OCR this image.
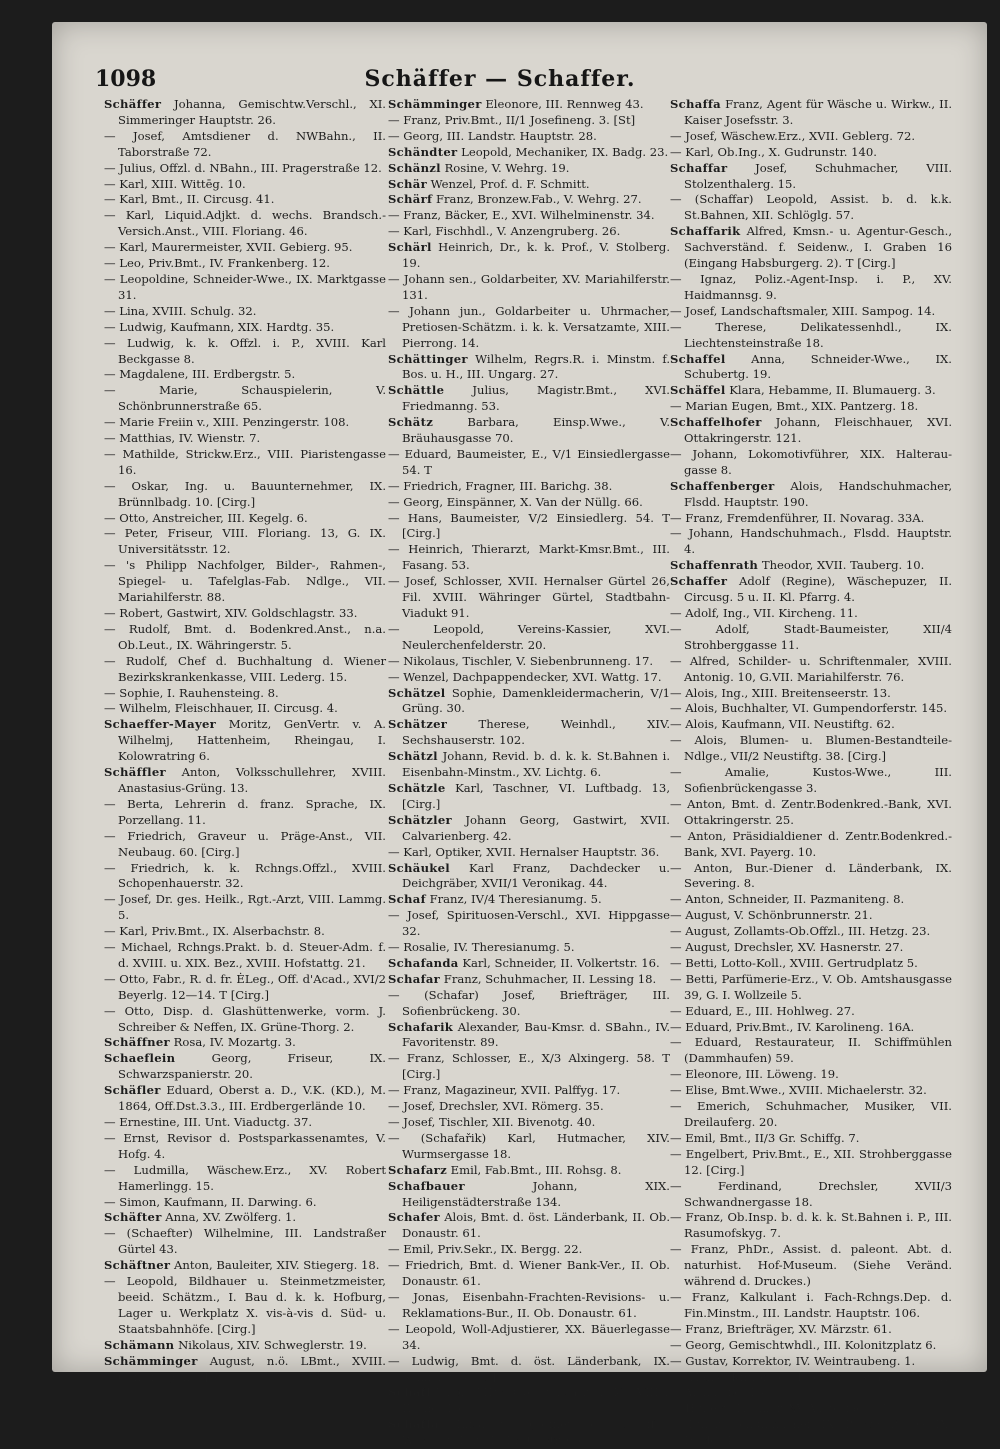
1098	Schäffer — Schaffer.
Schäffer Johanna, Gemischtw.Verschl., XI. Simmeringer Hauptstr. 26.
— Josef, Amtsdiener d. NWBahn., II. Taborstraße 72.
— Julius, Offzl. d. NBahn., III. Pragerstraße 12.
— Karl, XIII. Wittēg. 10.
— Karl, Bmt., II. Circusg. 41.
— Karl, Liquid.Adjkt. d. wechs. Brandsch.-Versich.Anst., VIII. Floriang. 46.
— Karl, Maurermeister, XVII. Gebierg. 95.
— Leo, Priv.Bmt., IV. Frankenberg. 12.
— Leopoldine, Schneider-Wwe., IX. Marktgasse 31.
— Lina, XVIII. Schulg. 32.
— Ludwig, Kaufmann, XIX. Hardtg. 35.
— Ludwig, k. k. Offzl. i. P., XVIII. Karl Beckgasse 8.
— Magdalene, III. Erdbergstr. 5.
— Marie, Schauspielerin, V. Schönbrunnerstraße 65.
— Marie Freiin v., XIII. Penzingerstr. 108.
— Matthias, IV. Wienstr. 7.
— Mathilde, Strickw.Erz., VIII. Piaristengasse 16.
— Oskar, Ing. u. Bauunternehmer, IX. Brünnlbadg. 10. [Cirg.]
— Otto, Anstreicher, III. Kegelg. 6.
— Peter, Friseur, VIII. Floriang. 13, G. IX. Universitätsstr. 12.
— 's Philipp Nachfolger, Bilder-, Rahmen-, Spiegel- u. Tafelglas-Fab. Ndlge., VII. Mariahilferstr. 88.
— Robert, Gastwirt, XIV. Goldschlagstr. 33.
— Rudolf, Bmt. d. Bodenkred.Anst., n.a. Ob.Leut., IX. Währingerstr. 5.
— Rudolf, Chef d. Buchhaltung d. Wiener Bezirkskrankenkasse, VIII. Lederg. 15.
— Sophie, I. Rauhensteing. 8.
— Wilhelm, Fleischhauer, II. Circusg. 4.
Schaeffer-Mayer Moritz, GenVertr. v. A. Wilhelmj, Hattenheim, Rheingau, I. Kolowratring 6.
Schäffler Anton, Volksschullehrer, XVIII. Anastasius-Grüng. 13.
— Berta, Lehrerin d. franz. Sprache, IX. Porzellang. 11.
— Friedrich, Graveur u. Präge-Anst., VII. Neubaug. 60. [Cirg.]
— Friedrich, k. k. Rchngs.Offzl., XVIII. Schopenhauerstr. 32.
— Josef, Dr. ges. Heilk., Rgt.-Arzt, VIII. Lammg. 5.
— Karl, Priv.Bmt., IX. Alserbachstr. 8.
— Michael, Rchngs.Prakt. b. d. Steuer-Adm. f. d. XVIII. u. XIX. Bez., XVIII. Hofstattg. 21.
— Otto, Fabr., R. d. fr. ĖLeg., Off. d'Acad., XVI/2 Beyerlg. 12—14. T [Cirg.]
— Otto, Disp. d. Glashüttenwerke, vorm. J. Schreiber & Neffen, IX. Grüne-Thorg. 2.
Schäffner Rosa, IV. Mozartg. 3.
Schaeflein	Georg, Friseur, IX. Schwarzspanierstr. 20.
Schäfler Eduard, Oberst a. D., V.K. (KD.), M. 1864, Off.Dst.3.3., III. Erdbergerlände 10.
— Ernestine, III. Unt. Viaductg. 37.
— Ernst, Revisor d. Postsparkassenamtes, V. Hofg. 4.
— Ludmilla, Wäschew.Erz., XV. Robert Hamerlingg. 15.
— Simon, Kaufmann, II. Darwing. 6.
Schäfter Anna, XV. Zwölferg. 1.
— (Schaefter) Wilhelmine, III. Landstraßer Gürtel 43.
Schäftner Anton, Bauleiter, XIV. Stiegerg. 18.
— Leopold, Bildhauer u. Steinmetzmeister, beeid. Schätzm., I. Bau d. k. k. Hofburg, Lager u. Werkplatz X. vis-à-vis d. Süd- u. Staatsbahnhöfe. [Cirg.]
Schämann Nikolaus, XIV. Schweglerstr. 19.
Schämminger August, n.ö. LBmt., XVIII. Canisiusg. 22. [St]
Schämminger Eleonore, III. Rennweg 43.
— Franz, Priv.Bmt., II/1 Josefineng. 3. [St]
— Georg, III. Landstr. Hauptstr. 28.
Schändter Leopold, Mechaniker, IX. Badg. 23.
Schänzl Rosine, V. Wehrg. 19.
Schär Wenzel, Prof. d. F. Schmitt.
Schärf Franz, Bronzew.Fab., V. Wehrg. 27.
— Franz, Bäcker, E., XVI. Wilhelminenstr. 34.
— Karl, Fischhdl., V. Anzengruberg. 26.
Schärl Heinrich, Dr., k. k. Prof., V. Stolberg. 19.
— Johann sen., Goldarbeiter, XV. Mariahilferstr. 131.
— Johann jun., Goldarbeiter u. Uhrmacher, Pretiosen-Schätzm. i. k. k. Versatzamte, XIII. Pierrong. 14.
Schättinger Wilhelm, Regrs.R. i. Minstm. f. Bos. u. H., III. Ungarg. 27.
Schättle Julius, Magistr.Bmt., XVI. Friedmanng. 53.
Schätz	Barbara, Einsp.Wwe., V. Bräuhausgasse 70.
— Eduard, Baumeister, E., V/1 Einsiedlergasse 54. T
— Friedrich, Fragner, III. Barichg. 38.
— Georg, Einspänner, X. Van der Nüllg. 66.
— Hans, Baumeister, V/2 Einsiedlerg. 54. T [Cirg.]
— Heinrich, Thierarzt, Markt-Kmsr.Bmt., III. Fasang. 53.
— Josef, Schlosser, XVII. Hernalser Gürtel 26, Fil. XVIII. Währinger Gürtel, Stadtbahn-Viadukt 91.
— Leopold, Vereins-Kassier, XVI. Neulerchenfelderstr. 20.
— Nikolaus, Tischler, V. Siebenbrunneng. 17.
— Wenzel, Dachpappendecker, XVI. Wattg. 17.
Schätzel Sophie, Damenkleidermacherin, V/1 Grüng. 30.
Schätzer	Therese, Weinhdl., XIV. Sechshauserstr. 102.
Schätzl Johann, Revid. b. d. k. k. St.Bahnen i. Eisenbahn-Minstm., XV. Lichtg. 6.
Schätzle Karl, Taschner, VI. Luftbadg. 13, [Cirg.]
Schätzler Johann Georg, Gastwirt, XVII. Calvarienberg. 42.
— Karl, Optiker, XVII. Hernalser Hauptstr. 36.
Schäukel Karl Franz, Dachdecker u. Deichgräber, XVII/1 Veronikag. 44.
Schaf Franz, IV/4 Theresianumg. 5.
— Josef, Spirituosen-Verschl., XVI. Hippgasse 32.
— Rosalie, IV. Theresianumg. 5.
Schafanda Karl, Schneider, II. Volkertstr. 16.
Schafar Franz, Schuhmacher, II. Lessing 18.
— (Schafar) Josef, Briefträger, III. Sofienbrückeng. 30.
Schafarik Alexander, Bau-Kmsr. d. SBahn., IV. Favoritenstr. 89.
— Franz, Schlosser, E., X/3 Alxingerg. 58. T [Cirg.]
— Franz, Magazineur, XVII. Palffyg. 17.
— Josef, Drechsler, XVI. Römerg. 35.
— Josef, Tischler, XII. Bivenotg. 40.
— (Schafařik) Karl, Hutmacher, XIV. Wurmsergasse 18.
Schafarz Emil, Fab.Bmt., III. Rohsg. 8.
Schafbauer	Johann, XIX. Heiligenstädterstraße 134.
Schafer Alois, Bmt. d. öst. Länderbank, II. Ob. Donaustr. 61.
— Emil, Priv.Sekr., IX. Bergg. 22.
— Friedrich, Bmt. d. Wiener Bank-Ver., II. Ob. Donaustr. 61.
— Jonas, Eisenbahn-Frachten-Revisions- u. Reklamations-Bur., II. Ob. Donaustr. 61.
— Leopold, Woll-Adjustierer, XX. Bäuerlegasse 34.
— Ludwig, Bmt. d. öst. Länderbank, IX. Schlickg. 3. [St]
Schaff Jakob, MDr., Ob.-Stabsarzt 1. Kl., VIII/1 Kochg. 16.
Schaffa Elisabeth (Löffler & Schaffa), Wäschew.Erz., II. Praterstr. 66.
Schaffa Franz, Agent für Wäsche u. Wirkw., II. Kaiser Josefsstr. 3.
— Josef, Wäschew.Erz., XVII. Geblerg. 72.
— Karl, Ob.Ing., X. Gudrunstr. 140.
Schaffar Josef, Schuhmacher, VIII. Stolzenthalerg. 15.
— (Schaffar) Leopold, Assist. b. d. k.k. St.Bahnen, XII. Schlöglg. 57.
Schaffarik Alfred, Kmsn.- u. Agentur-Gesch., Sachverständ. f. Seidenw., I. Graben 16 (Eingang Habsburgerg. 2). T [Cirg.]
— Ignaz, Poliz.-Agent-Insp. i. P., XV. Haidmannsg. 9.
— Josef, Landschaftsmaler, XIII. Sampog. 14.
— Therese, Delikatessenhdl., IX. Liechtensteinstraße 18.
Schaffel Anna, Schneider-Wwe., IX. Schubertg. 19.
Schäffel Klara, Hebamme, II. Blumauerg. 3.
— Marian Eugen, Bmt., XIX. Pantzerg. 18.
Schaffelhofer Johann, Fleischhauer, XVI. Ottakringerstr. 121.
— Johann, Lokomotivführer, XIX. Halterau-gasse 8.
Schaffenberger Alois, Handschuhmacher, Flsdd. Hauptstr. 190.
— Franz, Fremdenführer, II. Novarag. 33A.
— Johann, Handschuhmach., Flsdd. Hauptstr. 4.
Schaffenrath Theodor, XVII. Tauberg. 10.
Schaffer Adolf (Regine), Wäschepuzer, II. Circusg. 5 u. II. Kl. Pfarrg. 4.
— Adolf, Ing., VII. Kircheng. 11.
— Adolf, Stadt-Baumeister, XII/4 Strohberggasse 11.
— Alfred, Schilder- u. Schriftenmaler, XVIII. Antonig. 10, G.VII. Mariahilferstr. 76.
— Alois, Ing., XIII. Breitenseerstr. 13.
— Alois, Buchhalter, VI. Gumpendorferstr. 145.
— Alois, Kaufmann, VII. Neustiftg. 62.
— Alois, Blumen- u. Blumen-Bestandteile-Ndlge., VII/2 Neustiftg. 38. [Cirg.]
— Amalie, Kustos-Wwe., III. Sofienbrückengasse 3.
— Anton, Bmt. d. Zentr.Bodenkred.-Bank, XVI. Ottakringerstr. 25.
— Anton, Präsidialdiener d. Zentr.Bodenkred.-Bank, XVI. Payerg. 10.
— Anton, Bur.-Diener d. Länderbank, IX. Severing. 8.
— Anton, Schneider, II. Pazmaniteng. 8.
— August, V. Schönbrunnerstr. 21.
— August, Zollamts-Ob.Offzl., III. Hetzg. 23.
— August, Drechsler, XV. Hasnerstr. 27.
— Betti, Lotto-Koll., XVIII. Gertrudplatz 5.
— Betti, Parfümerie-Erz., V. Ob. Amtshausgasse 39, G. I. Wollzeile 5.
— Eduard, E., III. Hohlweg. 27.
— Eduard, Priv.Bmt., IV. Karolineng. 16A.
— Eduard, Restaurateur, II. Schiffmühlen (Dammhaufen) 59.
— Eleonore, III. Löweng. 19.
— Elise, Bmt.Wwe., XVIII. Michaelerstr. 32.
— Emerich, Schuhmacher, Musiker, VII. Dreilauferg. 20.
— Emil, Bmt., II/3 Gr. Schiffg. 7.
— Engelbert, Priv.Bmt., E., XII. Strohberggasse 12. [Cirg.]
— Ferdinand, Drechsler, XVII/3 Schwandnergasse 18.
— Franz, Ob.Insp. b. d. k. k. St.Bahnen i. P., III. Rasumofskyg. 7.
— Franz, PhDr., Assist. d. paleont. Abt. d. naturhist. Hof-Museum. (Siehe Veränd. während d. Druckes.)
— Franz, Kalkulant i. Fach-Rchngs.Dep. d. Fin.Minstm., III. Landstr. Hauptstr. 106.
— Franz, Briefträger, XV. Märzstr. 61.
— Georg, Gemischtwhdl., III. Kolonitzplatz 6.
— Gustav, Korrektor, IV. Weintraubeng. 1.
— Hans, Kntlor. d. I. österr. Sparkasse, XII. Aichholzg. 18.
— Hubert, Tischler, XV. Victoriag. 17.
— Ignaz, Schuhmacher, IX. Bergg. 22, G. IX. Hörlg. 4.
